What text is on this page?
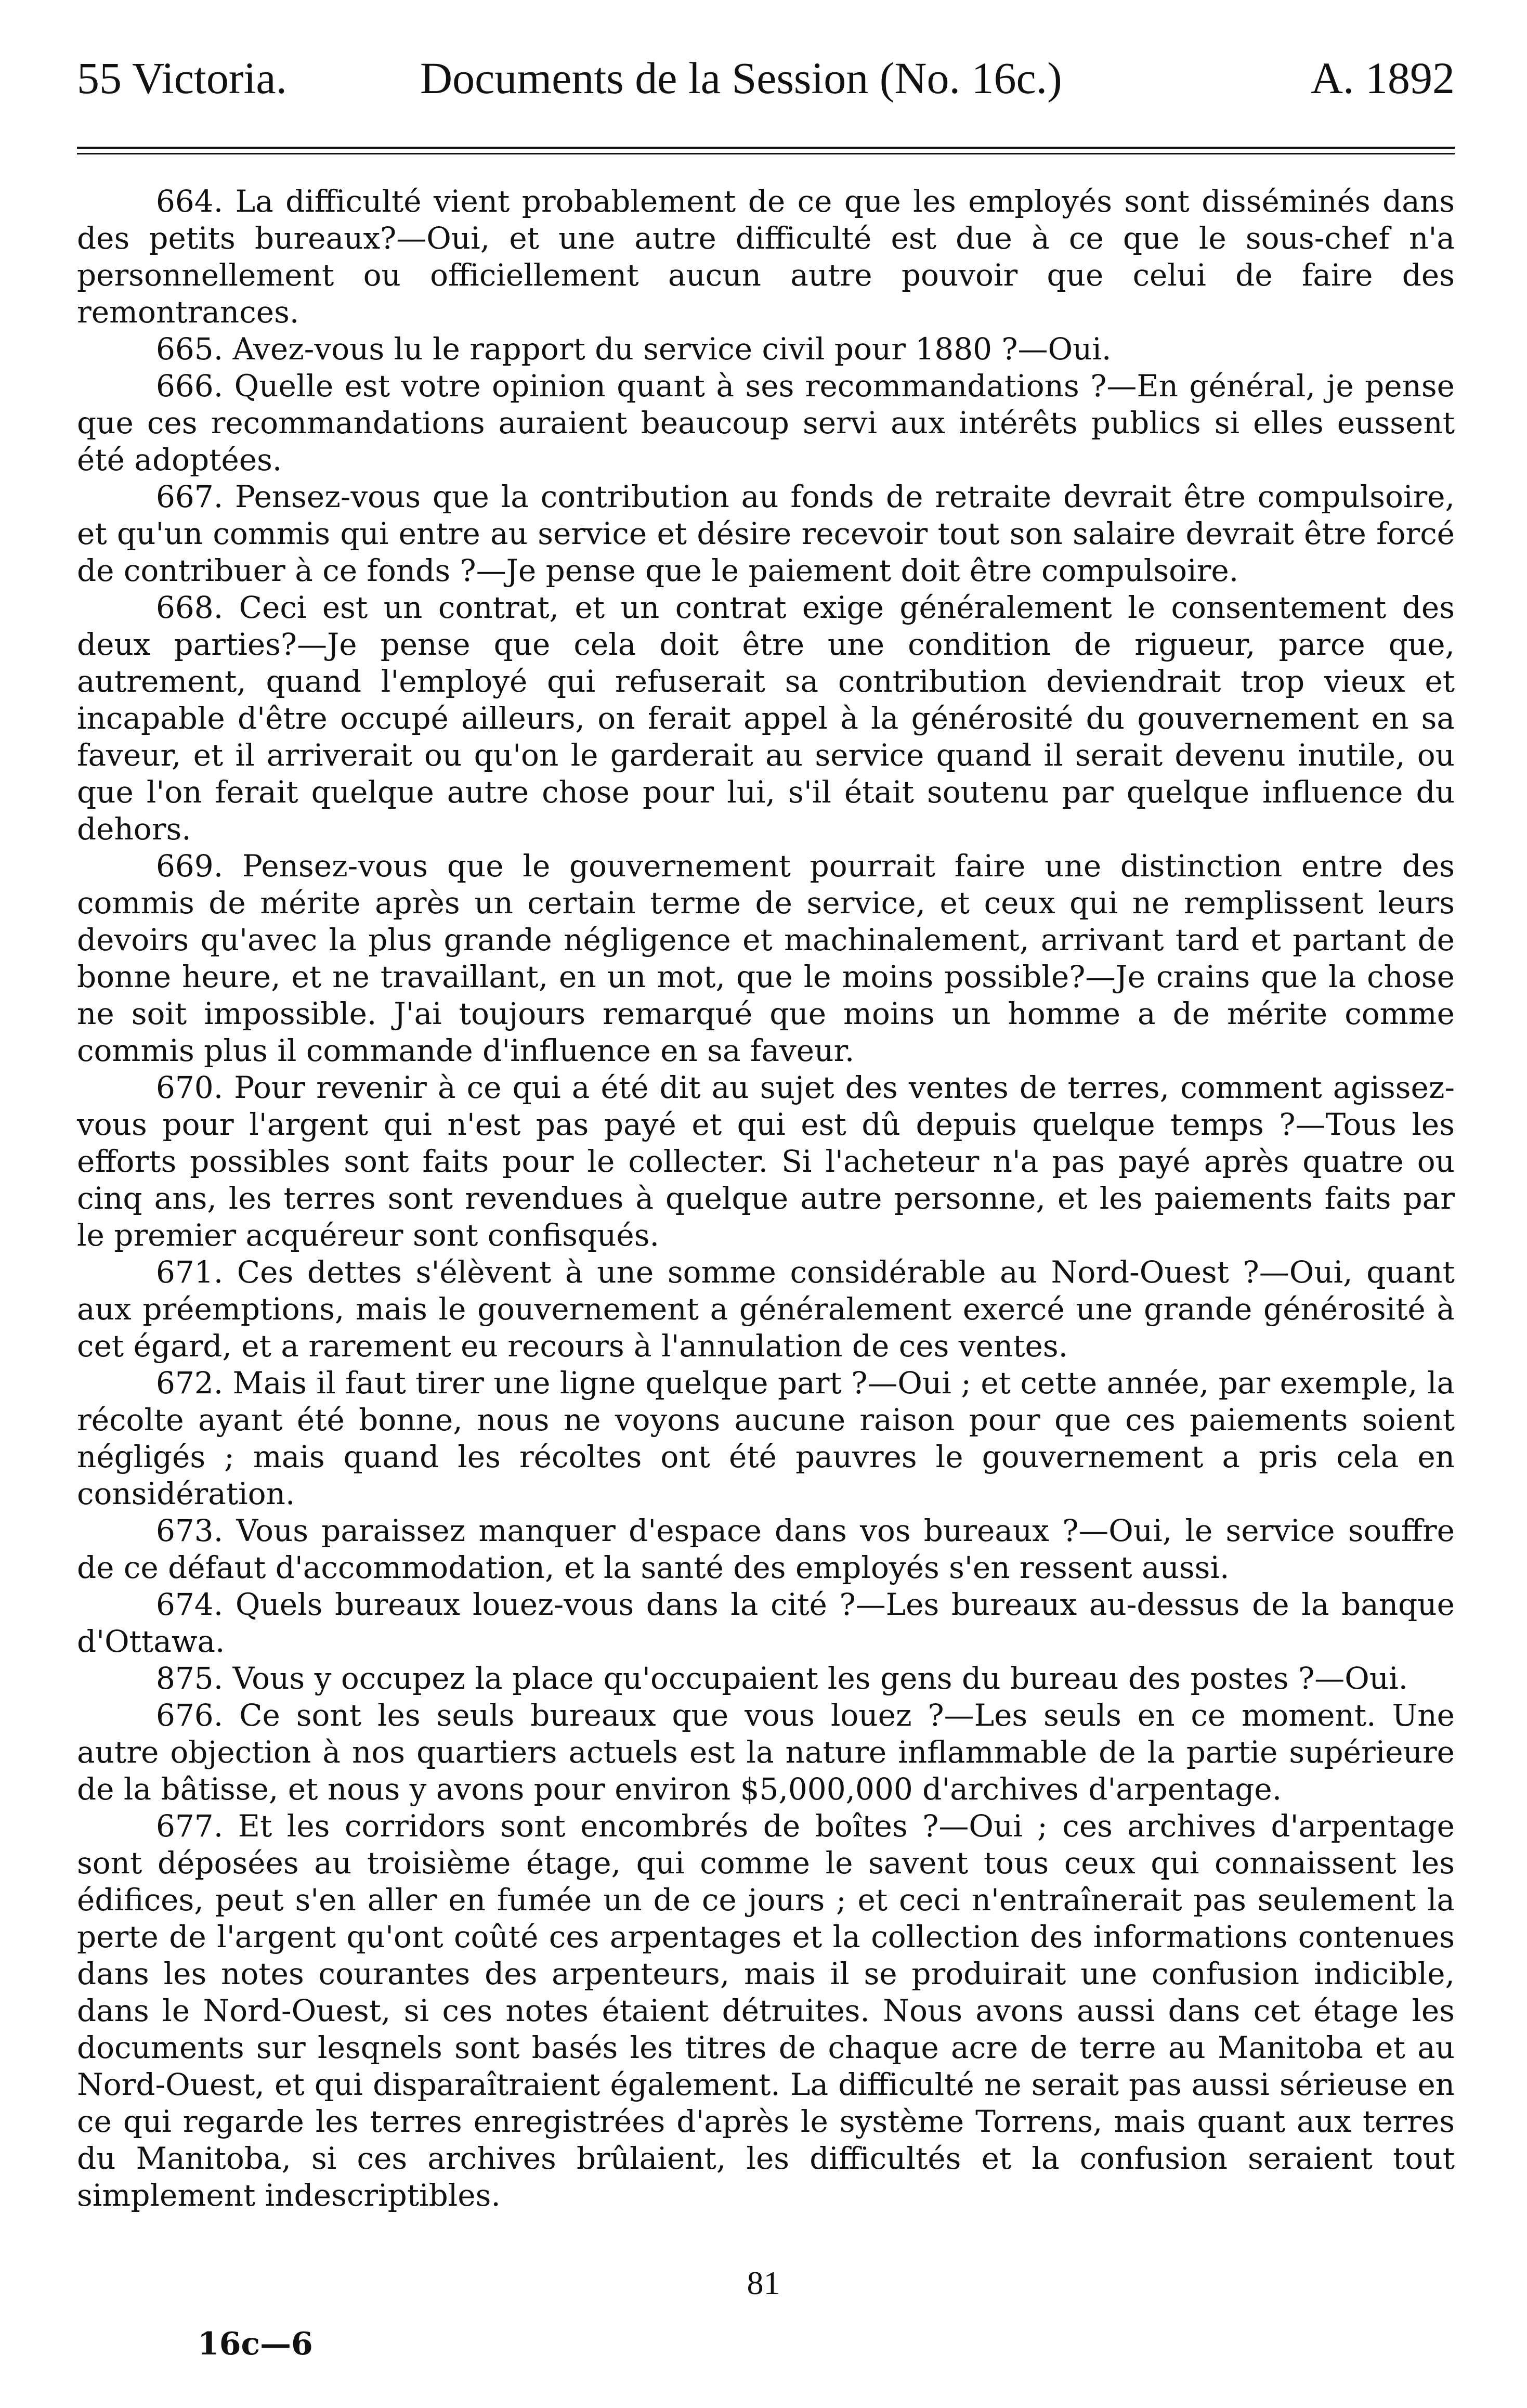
55 Victoria.	Documents de la Session (No. 16c.)	A. 1892

664. La difficulté vient probablement de ce que les employés sont disséminés dans des petits bureaux?—Oui, et une autre difficulté est due à ce que le sous-chef n'a personnellement ou officiellement aucun autre pouvoir que celui de faire des remontrances.

665. Avez-vous lu le rapport du service civil pour 1880 ?—Oui.

666. Quelle est votre opinion quant à ses recommandations ?—En général, je pense que ces recommandations auraient beaucoup servi aux intérêts publics si elles eussent été adoptées.

667. Pensez-vous que la contribution au fonds de retraite devrait être compulsoire, et qu'un commis qui entre au service et désire recevoir tout son salaire devrait être forcé de contribuer à ce fonds ?—Je pense que le paiement doit être compulsoire.

668. Ceci est un contrat, et un contrat exige généralement le consentement des deux parties?—Je pense que cela doit être une condition de rigueur, parce que, autrement, quand l'employé qui refuserait sa contribution deviendrait trop vieux et incapable d'être occupé ailleurs, on ferait appel à la générosité du gouvernement en sa faveur, et il arriverait ou qu'on le garderait au service quand il serait devenu inutile, ou que l'on ferait quelque autre chose pour lui, s'il était soutenu par quelque influence du dehors.

669. Pensez-vous que le gouvernement pourrait faire une distinction entre des commis de mérite après un certain terme de service, et ceux qui ne remplissent leurs devoirs qu'avec la plus grande négligence et machinalement, arrivant tard et partant de bonne heure, et ne travaillant, en un mot, que le moins possible?—Je crains que la chose ne soit impossible. J'ai toujours remarqué que moins un homme a de mérite comme commis plus il commande d'influence en sa faveur.

670. Pour revenir à ce qui a été dit au sujet des ventes de terres, comment agissez-vous pour l'argent qui n'est pas payé et qui est dû depuis quelque temps ?—Tous les efforts possibles sont faits pour le collecter. Si l'acheteur n'a pas payé après quatre ou cinq ans, les terres sont revendues à quelque autre personne, et les paiements faits par le premier acquéreur sont confisqués.

671. Ces dettes s'élèvent à une somme considérable au Nord-Ouest ?—Oui, quant aux préemptions, mais le gouvernement a généralement exercé une grande générosité à cet égard, et a rarement eu recours à l'annulation de ces ventes.

672. Mais il faut tirer une ligne quelque part ?—Oui ; et cette année, par exemple, la récolte ayant été bonne, nous ne voyons aucune raison pour que ces paiements soient négligés ; mais quand les récoltes ont été pauvres le gouvernement a pris cela en considération.

673. Vous paraissez manquer d'espace dans vos bureaux ?—Oui, le service souffre de ce défaut d'accommodation, et la santé des employés s'en ressent aussi.

674. Quels bureaux louez-vous dans la cité ?—Les bureaux au-dessus de la banque d'Ottawa.

875. Vous y occupez la place qu'occupaient les gens du bureau des postes ?—Oui.

676. Ce sont les seuls bureaux que vous louez ?—Les seuls en ce moment. Une autre objection à nos quartiers actuels est la nature inflammable de la partie supérieure de la bâtisse, et nous y avons pour environ $5,000,000 d'archives d'arpentage.

677. Et les corridors sont encombrés de boîtes ?—Oui ; ces archives d'arpentage sont déposées au troisième étage, qui comme le savent tous ceux qui connaissent les édifices, peut s'en aller en fumée un de ce jours ; et ceci n'entraînerait pas seulement la perte de l'argent qu'ont coûté ces arpentages et la collection des informations contenues dans les notes courantes des arpenteurs, mais il se produirait une confusion indicible, dans le Nord-Ouest, si ces notes étaient détruites. Nous avons aussi dans cet étage les documents sur lesqnels sont basés les titres de chaque acre de terre au Manitoba et au Nord-Ouest, et qui disparaîtraient également. La difficulté ne serait pas aussi sérieuse en ce qui regarde les terres enregistrées d'après le système Torrens, mais quant aux terres du Manitoba, si ces archives brûlaient, les difficultés et la confusion seraient tout simplement indescriptibles.

81
16c—6
